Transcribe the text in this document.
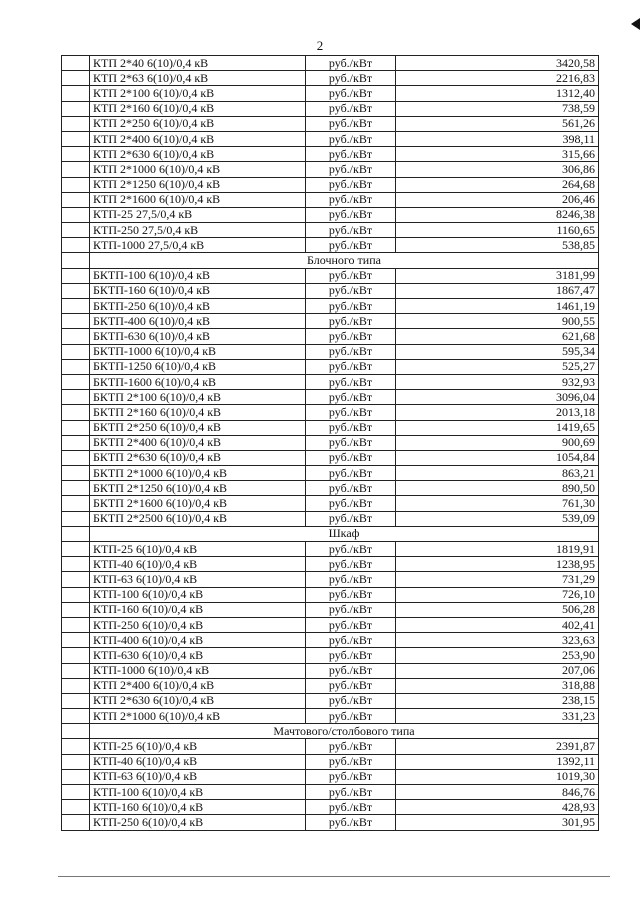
2
	КТП 2*40 6(10)/0,4 кВ	руб./кВт	3420,58
	КТП 2*63 6(10)/0,4 кВ	руб./кВт	2216,83
	КТП 2*100 6(10)/0,4 кВ	руб./кВт	1312,40
	КТП 2*160 6(10)/0,4 кВ	руб./кВт	738,59
	КТП 2*250 6(10)/0,4 кВ	руб./кВт	561,26
	КТП 2*400 6(10)/0,4 кВ	руб./кВт	398,11
	КТП 2*630 6(10)/0,4 кВ	руб./кВт	315,66
	КТП 2*1000 6(10)/0,4 кВ	руб./кВт	306,86
	КТП 2*1250 6(10)/0,4 кВ	руб./кВт	264,68
	КТП 2*1600 6(10)/0,4 кВ	руб./кВт	206,46
	КТП-25 27,5/0,4 кВ	руб./кВт	8246,38
	КТП-250 27,5/0,4 кВ	руб./кВт	1160,65
	КТП-1000 27,5/0,4 кВ	руб./кВт	538,85
	Блочного типа		
	БКТП-100 6(10)/0,4 кВ	руб./кВт	3181,99
	БКТП-160 6(10)/0,4 кВ	руб./кВт	1867,47
	БКТП-250 6(10)/0,4 кВ	руб./кВт	1461,19
	БКТП-400 6(10)/0,4 кВ	руб./кВт	900,55
	БКТП-630 6(10)/0,4 кВ	руб./кВт	621,68
	БКТП-1000 6(10)/0,4 кВ	руб./кВт	595,34
	БКТП-1250 6(10)/0,4 кВ	руб./кВт	525,27
	БКТП-1600 6(10)/0,4 кВ	руб./кВт	932,93
	БКТП 2*100 6(10)/0,4 кВ	руб./кВт	3096,04
	БКТП 2*160 6(10)/0,4 кВ	руб./кВт	2013,18
	БКТП 2*250 6(10)/0,4 кВ	руб./кВт	1419,65
	БКТП 2*400 6(10)/0,4 кВ	руб./кВт	900,69
	БКТП 2*630 6(10)/0,4 кВ	руб./кВт	1054,84
	БКТП 2*1000 6(10)/0,4 кВ	руб./кВт	863,21
	БКТП 2*1250 6(10)/0,4 кВ	руб./кВт	890,50
	БКТП 2*1600 6(10)/0,4 кВ	руб./кВт	761,30
	БКТП 2*2500 6(10)/0,4 кВ	руб./кВт	539,09
	Шкаф		
	КТП-25 6(10)/0,4 кВ	руб./кВт	1819,91
	КТП-40 6(10)/0,4 кВ	руб./кВт	1238,95
	КТП-63 6(10)/0,4 кВ	руб./кВт	731,29
	КТП-100 6(10)/0,4 кВ	руб./кВт	726,10
	КТП-160 6(10)/0,4 кВ	руб./кВт	506,28
	КТП-250 6(10)/0,4 кВ	руб./кВт	402,41
	КТП-400 6(10)/0,4 кВ	руб./кВт	323,63
	КТП-630 6(10)/0,4 кВ	руб./кВт	253,90
	КТП-1000 6(10)/0,4 кВ	руб./кВт	207,06
	КТП 2*400 6(10)/0,4 кВ	руб./кВт	318,88
	КТП 2*630 6(10)/0,4 кВ	руб./кВт	238,15
	КТП 2*1000 6(10)/0,4 кВ	руб./кВт	331,23
	Мачтового/столбового типа		
	КТП-25 6(10)/0,4 кВ	руб./кВт	2391,87
	КТП-40 6(10)/0,4 кВ	руб./кВт	1392,11
	КТП-63 6(10)/0,4 кВ	руб./кВт	1019,30
	КТП-100 6(10)/0,4 кВ	руб./кВт	846,76
	КТП-160 6(10)/0,4 кВ	руб./кВт	428,93
	КТП-250 6(10)/0,4 кВ	руб./кВт	301,95
